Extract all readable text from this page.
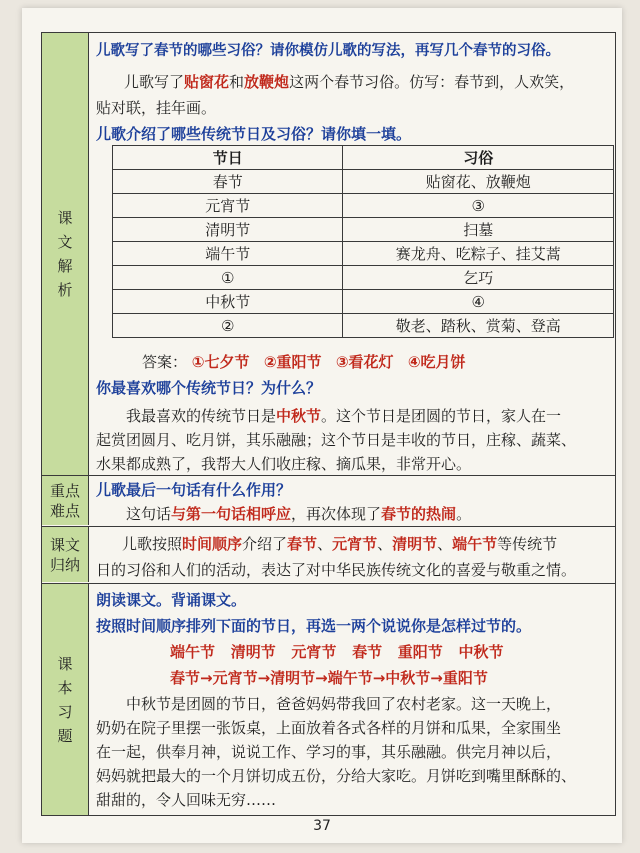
课
文
解
析
儿歌写了春节的哪些习俗？请你模仿儿歌的写法，再写几个春节的习俗。
儿歌写了贴窗花和放鞭炮这两个春节习俗。仿写：春节到，人欢笑，
贴对联，挂年画。
儿歌介绍了哪些传统节日及习俗？请你填一填。
节日	习俗
春节	贴窗花、放鞭炮
元宵节	③
清明节	扫墓
端午节	赛龙舟、吃粽子、挂艾蒿
①	乞巧
中秋节	④
②	敬老、踏秋、赏菊、登高
答案： ①七夕节 ②重阳节 ③看花灯 ④吃月饼
你最喜欢哪个传统节日？为什么？
我最喜欢的传统节日是中秋节。这个节日是团圆的节日，家人在一
起赏团圆月、吃月饼，其乐融融；这个节日是丰收的节日，庄稼、蔬菜、
水果都成熟了，我帮大人们收庄稼、摘瓜果，非常开心。
重点
难点
儿歌最后一句话有什么作用？
这句话与第一句话相呼应，再次体现了春节的热闹。
课文
归纳
儿歌按照时间顺序介绍了春节、元宵节、清明节、端午节等传统节
日的习俗和人们的活动，表达了对中华民族传统文化的喜爱与敬重之情。
课
本
习
题
朗读课文。背诵课文。
按照时间顺序排列下面的节日，再选一两个说说你是怎样过节的。
端午节 清明节 元宵节 春节 重阳节 中秋节
春节→元宵节→清明节→端午节→中秋节→重阳节
中秋节是团圆的节日，爸爸妈妈带我回了农村老家。这一天晚上，
奶奶在院子里摆一张饭桌，上面放着各式各样的月饼和瓜果，全家围坐
在一起，供奉月神，说说工作、学习的事，其乐融融。供完月神以后，
妈妈就把最大的一个月饼切成五份，分给大家吃。月饼吃到嘴里酥酥的、
甜甜的，令人回味无穷……
37
